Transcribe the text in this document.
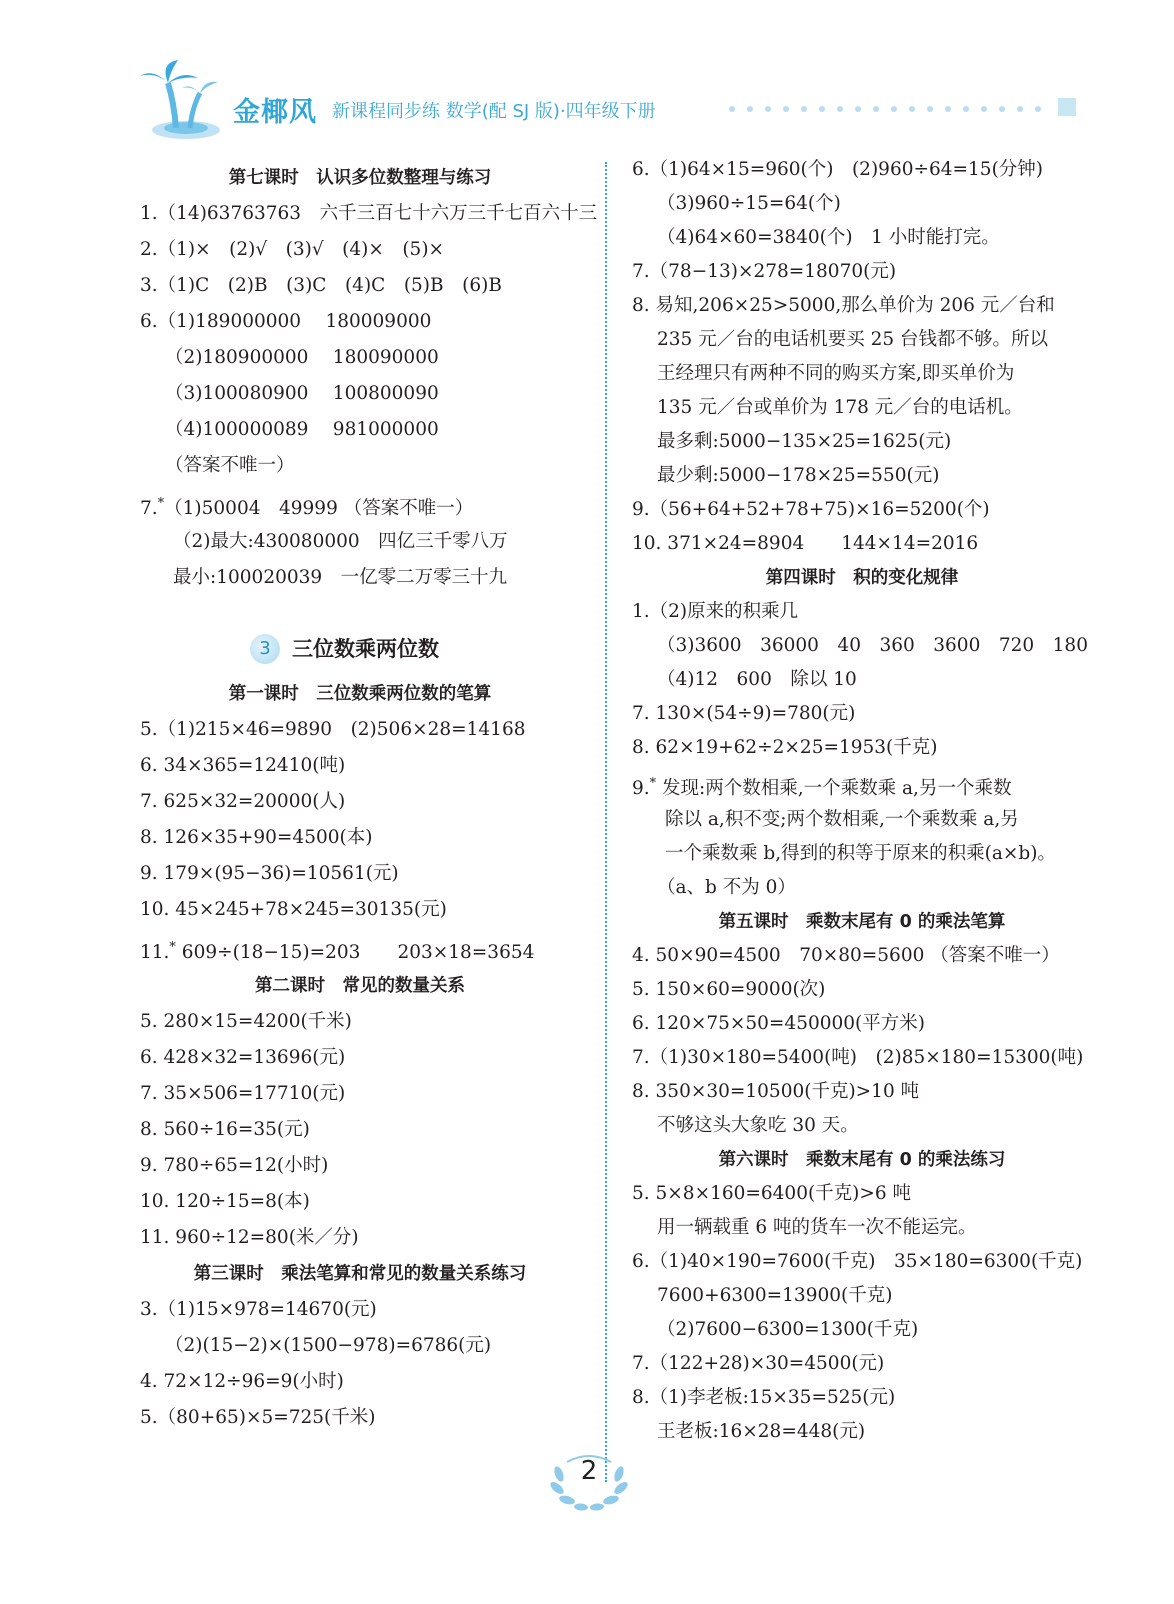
金椰风 新课程同步练 数学(配 SJ 版)·四年级下册
第七课时　认识多位数整理与练习
1.（14)63763763　六千三百七十六万三千七百六十三
2.（1)×　(2)√　(3)√　(4)×　(5)×
3.（1)C　(2)B　(3)C　(4)C　(5)B　(6)B
6.（1)189000000　 180009000
（2)180900000　 180090000
（3)100080900　 100800090
（4)100000089　 981000000
（答案不唯一）
7.*（1)50004　49999 （答案不唯一）
（2)最大:430080000　四亿三千零八万
最小:100020039　一亿零二万零三十九
3	三位数乘两位数
第一课时　三位数乘两位数的笔算
5.（1)215×46=9890　(2)506×28=14168
6. 34×365=12410(吨)
7. 625×32=20000(人)
8. 126×35+90=4500(本)
9. 179×(95−36)=10561(元)
10. 45×245+78×245=30135(元)
11.* 609÷(18−15)=203　　203×18=3654
第二课时　常见的数量关系
5. 280×15=4200(千米)
6. 428×32=13696(元)
7. 35×506=17710(元)
8. 560÷16=35(元)
9. 780÷65=12(小时)
10. 120÷15=8(本)
11. 960÷12=80(米／分)
第三课时　乘法笔算和常见的数量关系练习
3.（1)15×978=14670(元)
（2)(15−2)×(1500−978)=6786(元)
4. 72×12÷96=9(小时)
5.（80+65)×5=725(千米)
6.（1)64×15=960(个)　(2)960÷64=15(分钟)
（3)960÷15=64(个)
（4)64×60=3840(个)　1 小时能打完。
7.（78−13)×278=18070(元)
8. 易知,206×25>5000,那么单价为 206 元／台和
235 元／台的电话机要买 25 台钱都不够。所以
王经理只有两种不同的购买方案,即买单价为
135 元／台或单价为 178 元／台的电话机。
最多剩:5000−135×25=1625(元)
最少剩:5000−178×25=550(元)
9.（56+64+52+78+75)×16=5200(个)
10. 371×24=8904　　144×14=2016
第四课时　积的变化规律
1.（2)原来的积乘几
（3)3600　36000　40　360　3600　720　180
（4)12　600　除以 10
7. 130×(54÷9)=780(元)
8. 62×19+62÷2×25=1953(千克)
9.* 发现:两个数相乘,一个乘数乘 a,另一个乘数
除以 a,积不变;两个数相乘,一个乘数乘 a,另
一个乘数乘 b,得到的积等于原来的积乘(a×b)。
（a、b 不为 0）
第五课时　乘数末尾有 0 的乘法笔算
4. 50×90=4500　70×80=5600 （答案不唯一）
5. 150×60=9000(次)
6. 120×75×50=450000(平方米)
7.（1)30×180=5400(吨)　(2)85×180=15300(吨)
8. 350×30=10500(千克)>10 吨
不够这头大象吃 30 天。
第六课时　乘数末尾有 0 的乘法练习
5. 5×8×160=6400(千克)>6 吨
用一辆载重 6 吨的货车一次不能运完。
6.（1)40×190=7600(千克)　35×180=6300(千克)
7600+6300=13900(千克)
（2)7600−6300=1300(千克)
7.（122+28)×30=4500(元)
8.（1)李老板:15×35=525(元)
王老板:16×28=448(元)
2
